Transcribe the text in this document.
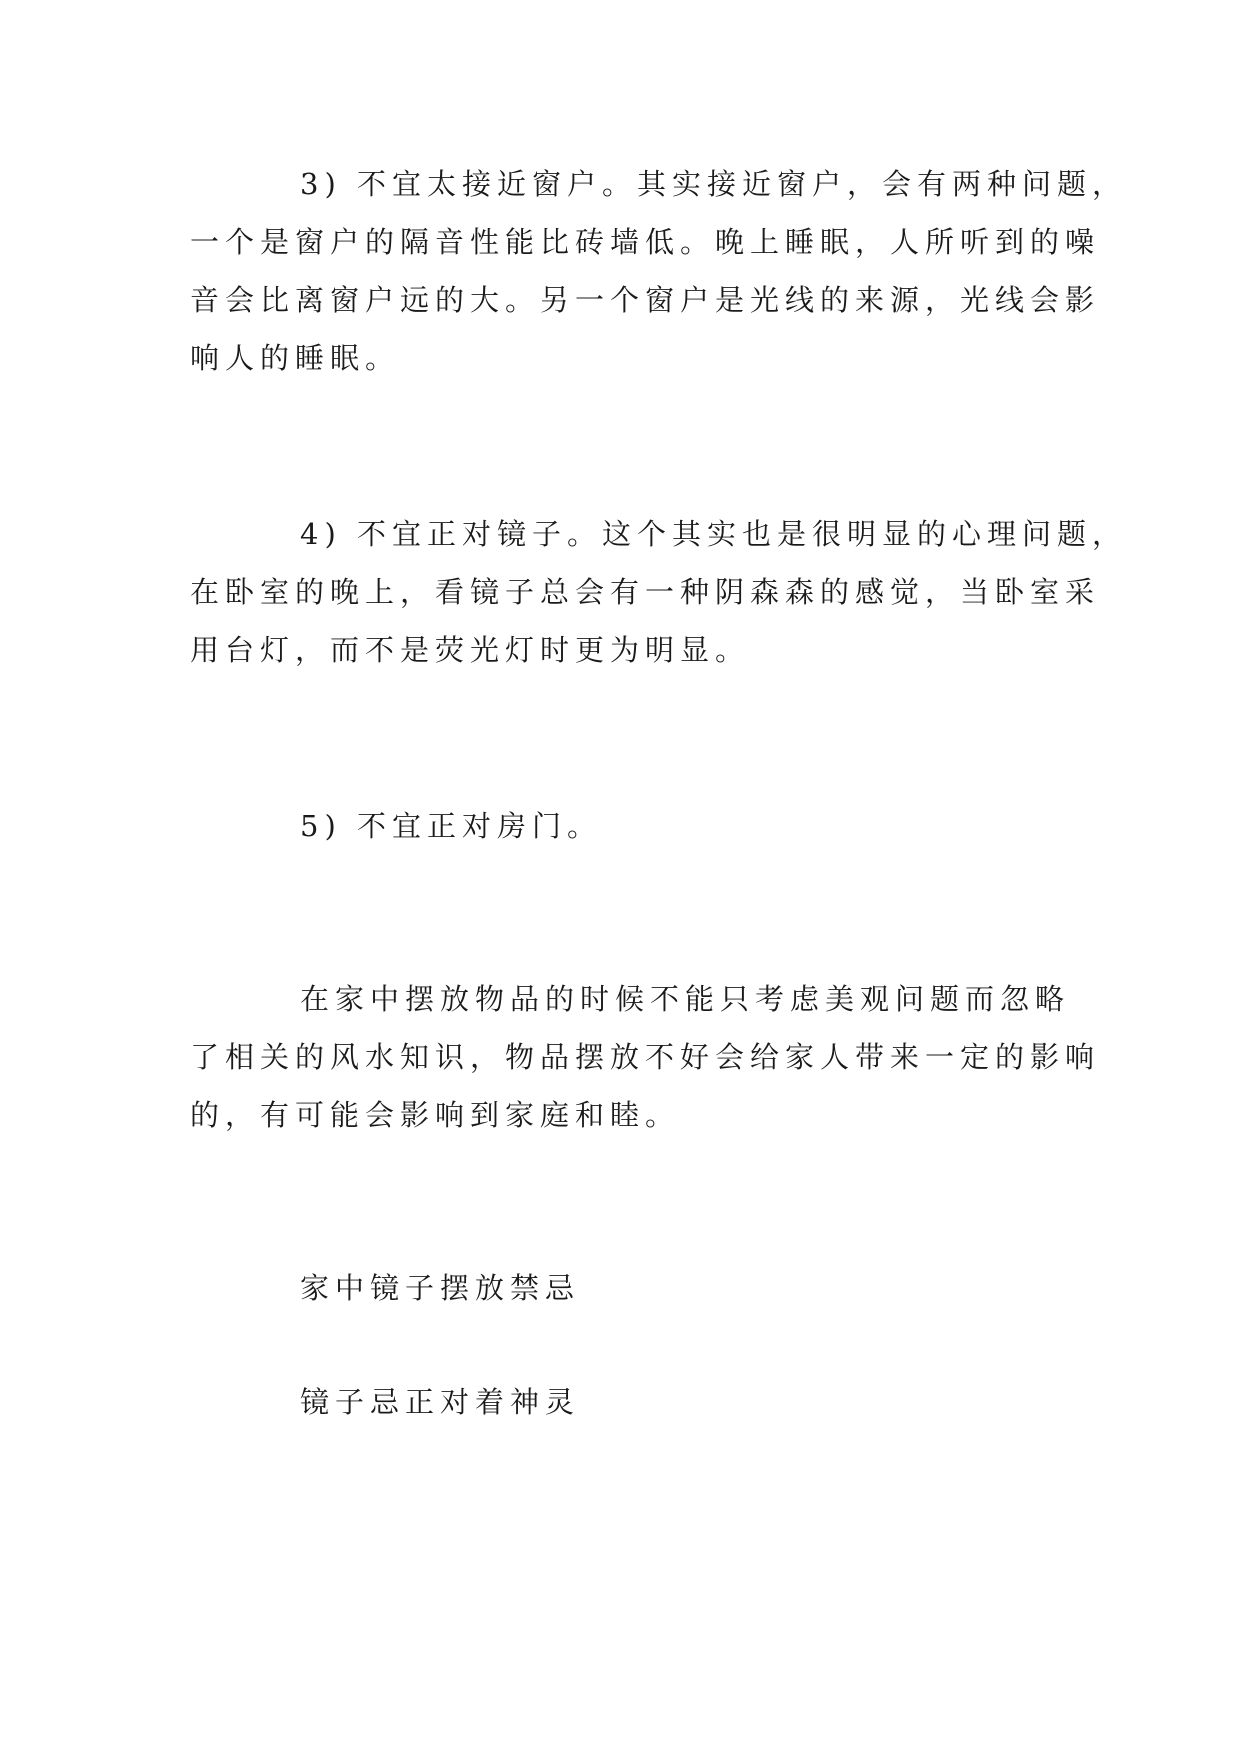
3) 不宜太接近窗户。其实接近窗户，会有两种问题，
一个是窗户的隔音性能比砖墙低。晚上睡眠，人所听到的噪
音会比离窗户远的大。另一个窗户是光线的来源，光线会影
响人的睡眠。
4) 不宜正对镜子。这个其实也是很明显的心理问题，
在卧室的晚上，看镜子总会有一种阴森森的感觉，当卧室采
用台灯，而不是荧光灯时更为明显。
5) 不宜正对房门。
在家中摆放物品的时候不能只考虑美观问题而忽略
了相关的风水知识，物品摆放不好会给家人带来一定的影响
的，有可能会影响到家庭和睦。
家中镜子摆放禁忌
镜子忌正对着神灵
